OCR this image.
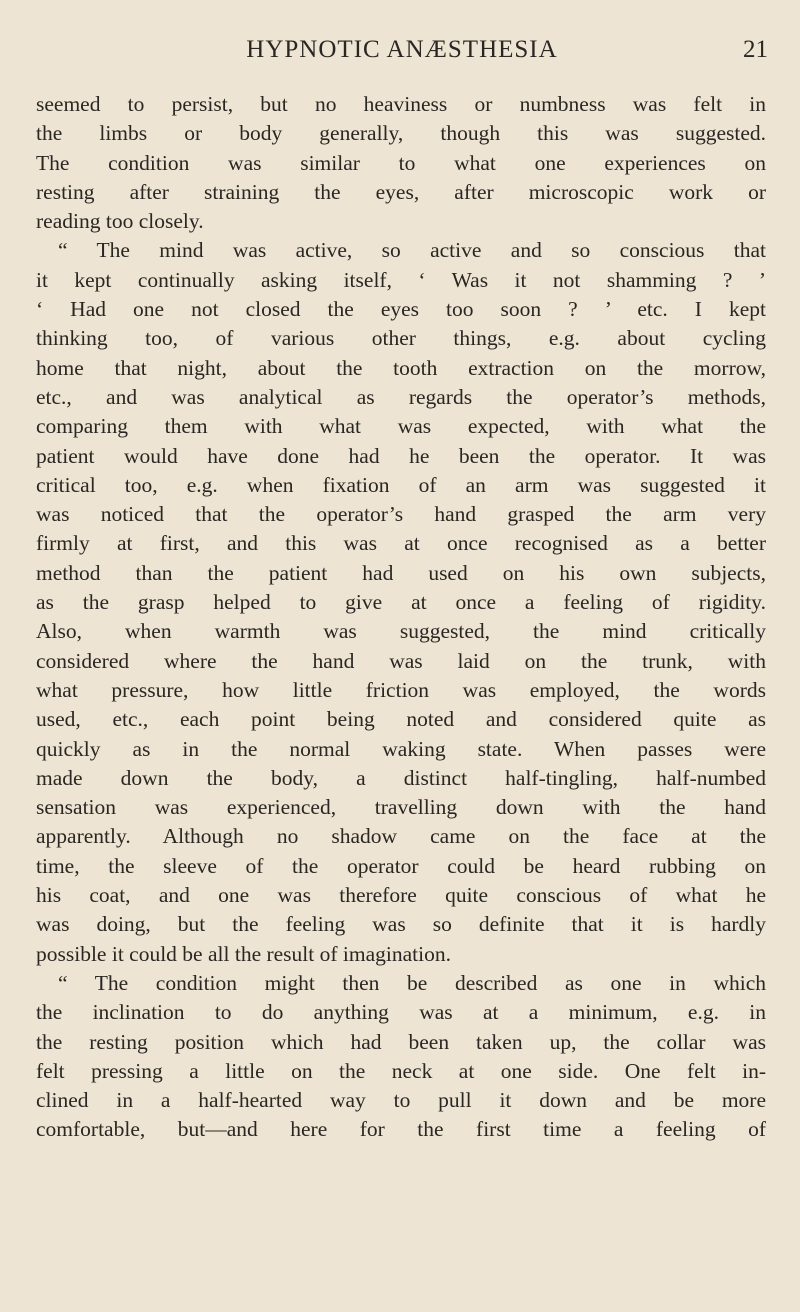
HYPNOTIC ANÆSTHESIA	21
seemed to persist, but no heaviness or numbness was felt in
the limbs or body generally, though this was suggested.
The condition was similar to what one experiences on
resting after straining the eyes, after microscopic work or
reading too closely.
“ The mind was active, so active and so conscious that
it kept continually asking itself, ‘ Was it not shamming ? ’
‘ Had one not closed the eyes too soon ? ’ etc. I kept
thinking too, of various other things, e.g. about cycling
home that night, about the tooth extraction on the morrow,
etc., and was analytical as regards the operator’s methods,
comparing them with what was expected, with what the
patient would have done had he been the operator. It was
critical too, e.g. when fixation of an arm was suggested it
was noticed that the operator’s hand grasped the arm very
firmly at first, and this was at once recognised as a better
method than the patient had used on his own subjects,
as the grasp helped to give at once a feeling of rigidity.
Also, when warmth was suggested, the mind critically
considered where the hand was laid on the trunk, with
what pressure, how little friction was employed, the words
used, etc., each point being noted and considered quite as
quickly as in the normal waking state. When passes were
made down the body, a distinct half-tingling, half-numbed
sensation was experienced, travelling down with the hand
apparently. Although no shadow came on the face at the
time, the sleeve of the operator could be heard rubbing on
his coat, and one was therefore quite conscious of what he
was doing, but the feeling was so definite that it is hardly
possible it could be all the result of imagination.
“ The condition might then be described as one in which
the inclination to do anything was at a minimum, e.g. in
the resting position which had been taken up, the collar was
felt pressing a little on the neck at one side. One felt in-
clined in a half-hearted way to pull it down and be more
comfortable, but—and here for the first time a feeling of
